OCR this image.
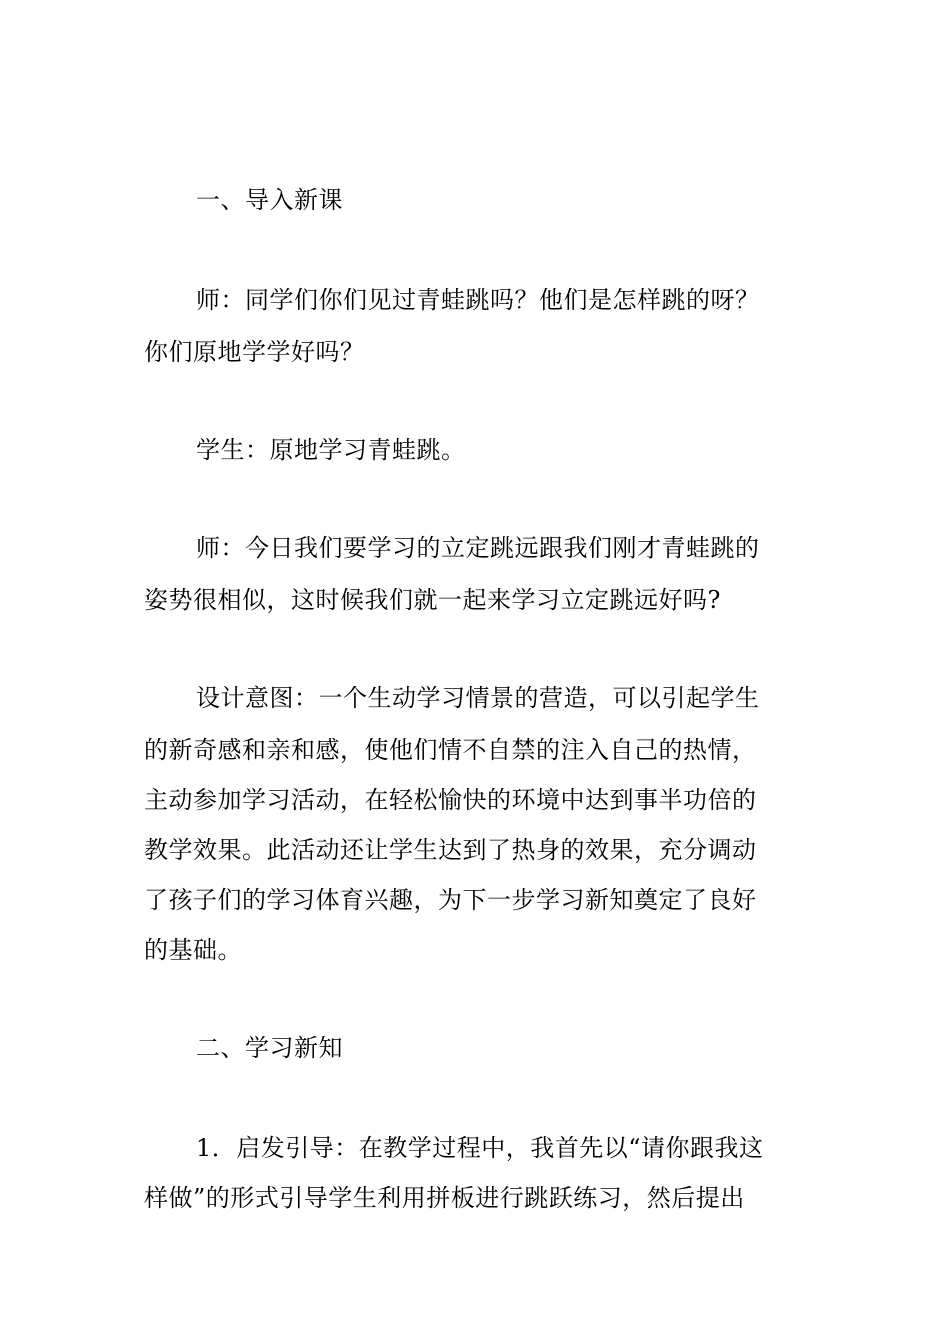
一、导入新课
师：同学们你们见过青蛙跳吗？他们是怎样跳的呀？
你们原地学学好吗？
学生：原地学习青蛙跳。
师：今日我们要学习的立定跳远跟我们刚才青蛙跳的
姿势很相似，这时候我们就一起来学习立定跳远好吗?
设计意图：一个生动学习情景的营造，可以引起学生
的新奇感和亲和感，使他们情不自禁的注入自己的热情，
主动参加学习活动，在轻松愉快的环境中达到事半功倍的
教学效果。此活动还让学生达到了热身的效果，充分调动
了孩子们的学习体育兴趣，为下一步学习新知奠定了良好
的基础。
二、学习新知
1．启发引导：在教学过程中，我首先以“请你跟我这
样做”的形式引导学生利用拼板进行跳跃练习，然后提出
